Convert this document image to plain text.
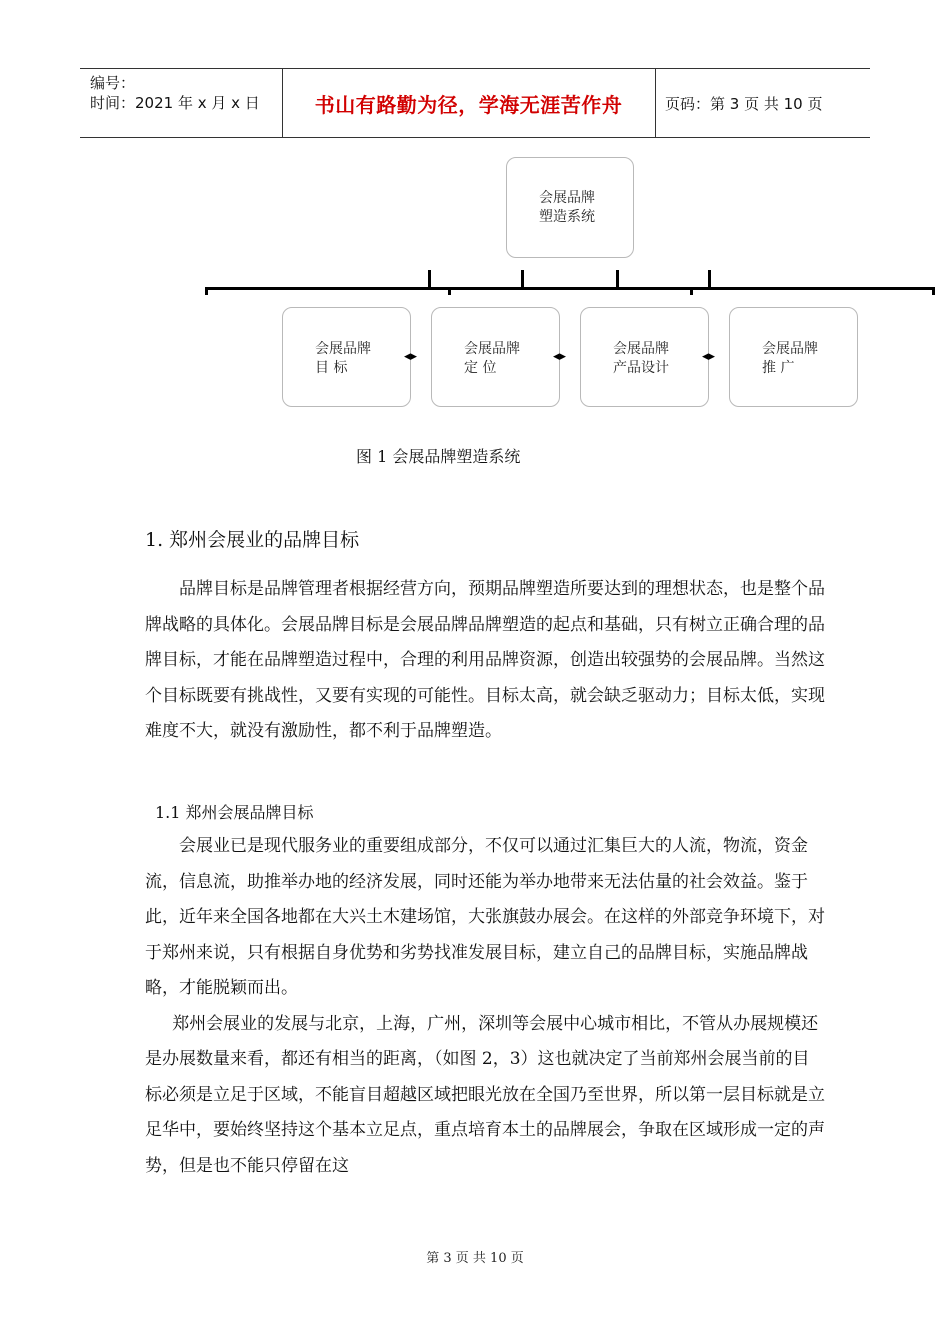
编号：
时间：2021 年 x 月 x 日	书山有路勤为径，学海无涯苦作舟	页码：第 3 页 共 10 页
会展品牌
塑造系统
会展品牌
目 标
会展品牌
定 位
会展品牌
产品设计
会展品牌
推 广
◂▸	◂▸	◂▸
图 1 会展品牌塑造系统
1. 郑州会展业的品牌目标

品牌目标是品牌管理者根据经营方向，预期品牌塑造所要达到的理想状态，也是整个品牌战略的具体化。会展品牌目标是会展品牌品牌塑造的起点和基础，只有树立正确合理的品牌目标，才能在品牌塑造过程中，合理的利用品牌资源，创造出较强势的会展品牌。当然这个目标既要有挑战性，又要有实现的可能性。目标太高，就会缺乏驱动力；目标太低，实现难度不大，就没有激励性，都不利于品牌塑造。

1.1 郑州会展品牌目标

会展业已是现代服务业的重要组成部分，不仅可以通过汇集巨大的人流，物流，资金流，信息流，助推举办地的经济发展，同时还能为举办地带来无法估量的社会效益。鉴于此，近年来全国各地都在大兴土木建场馆，大张旗鼓办展会。在这样的外部竞争环境下，对于郑州来说，只有根据自身优势和劣势找准发展目标，建立自己的品牌目标，实施品牌战略，才能脱颖而出。

郑州会展业的发展与北京，上海，广州，深圳等会展中心城市相比，不管从办展规模还是办展数量来看，都还有相当的距离，（如图 2，3）这也就决定了当前郑州会展当前的目标必须是立足于区域，不能盲目超越区域把眼光放在全国乃至世界，所以第一层目标就是立足华中，要始终坚持这个基本立足点，重点培育本土的品牌展会，争取在区域形成一定的声势，但是也不能只停留在这

第 3 页 共 10 页
